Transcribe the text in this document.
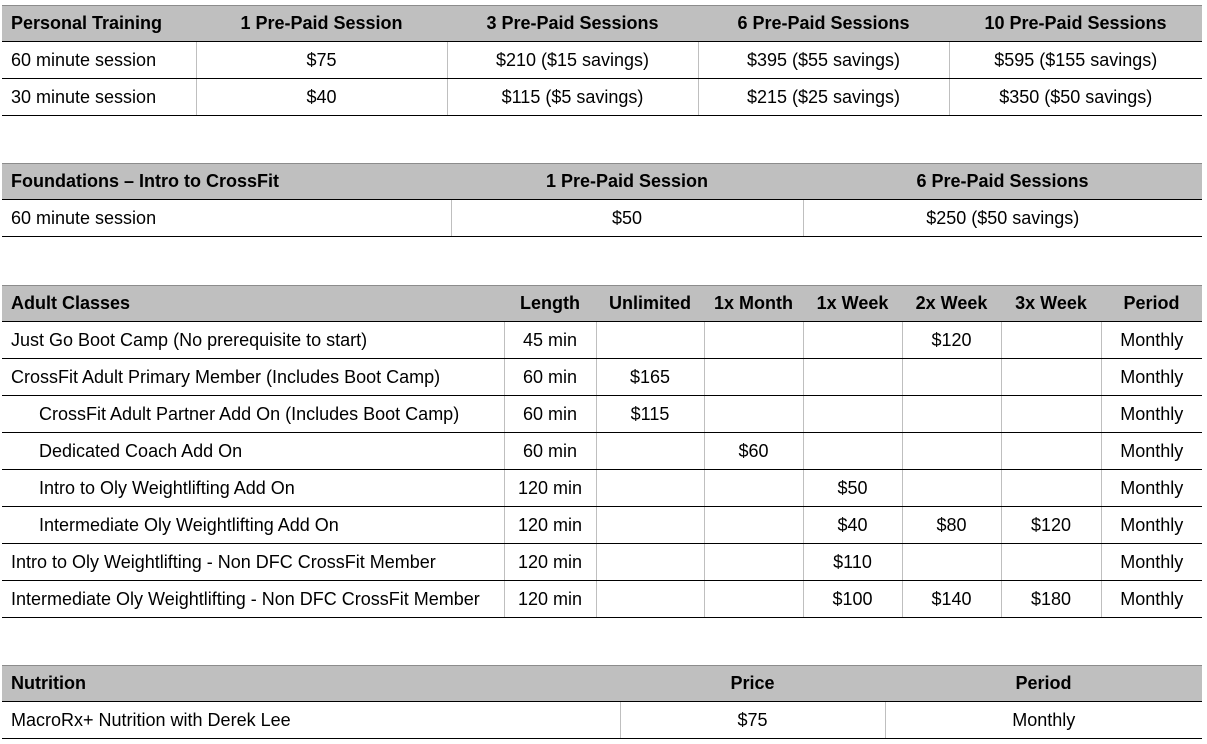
Personal Training	1 Pre-Paid Session	3 Pre-Paid Sessions	6 Pre-Paid Sessions	10 Pre-Paid Sessions
60 minute session	$75	$210 ($15 savings)	$395 ($55 savings)	$595 ($155 savings)
30 minute session	$40	$115 ($5 savings)	$215 ($25 savings)	$350 ($50 savings)
Foundations – Intro to CrossFit	1 Pre-Paid Session	6 Pre-Paid Sessions
60 minute session	$50	$250 ($50 savings)
Adult Classes	Length	Unlimited	1x Month	1x Week	2x Week	3x Week	Period
Just Go Boot Camp (No prerequisite to start)	45 min				$120		Monthly
CrossFit Adult Primary Member (Includes Boot Camp)	60 min	$165					Monthly
CrossFit Adult Partner Add On (Includes Boot Camp)	60 min	$115					Monthly
Dedicated Coach Add On	60 min		$60				Monthly
Intro to Oly Weightlifting Add On	120 min			$50			Monthly
Intermediate Oly Weightlifting Add On	120 min			$40	$80	$120	Monthly
Intro to Oly Weightlifting - Non DFC CrossFit Member	120 min			$110			Monthly
Intermediate Oly Weightlifting - Non DFC CrossFit Member	120 min			$100	$140	$180	Monthly
Nutrition	Price	Period
MacroRx+ Nutrition with Derek Lee	$75	Monthly
